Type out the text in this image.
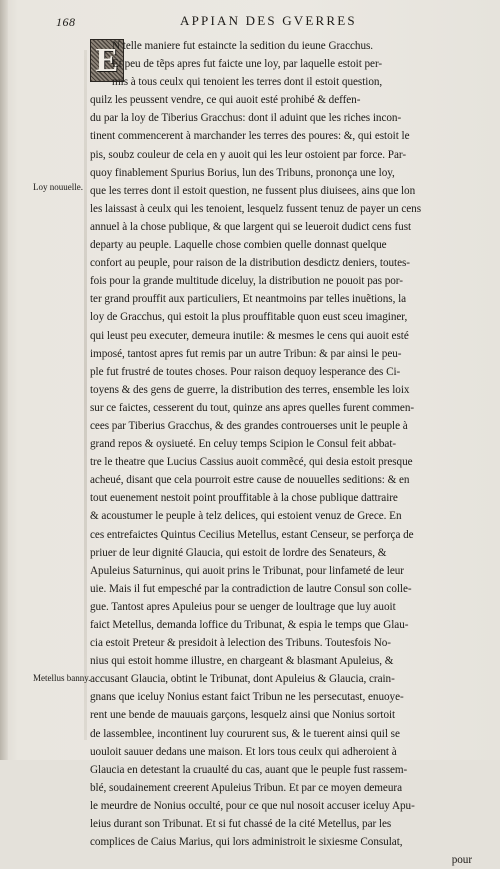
168	APPIAN DES GVERRES
E
Loy nouuelle.
Metellus banny.
N telle maniere fut estaincte la sedition du ieune Gracchus.
Et peu de tẽps apres fut faicte une loy, par laquelle estoit per-
mis à tous ceulx qui tenoient les terres dont il estoit question,
quilz les peussent vendre, ce qui auoit esté prohibé & deffen-
du par la loy de Tiberius Gracchus: dont il aduint que les riches incon-
tinent commencerent à marchander les terres des poures: &, qui estoit le
pis, soubz couleur de cela en y auoit qui les leur ostoient par force. Par-
quoy finablement Spurius Borius, lun des Tribuns, prononça une loy,
que les terres dont il estoit question, ne fussent plus diuisees, ains que lon
les laissast à ceulx qui les tenoient, lesquelz fussent tenuz de payer un cens
annuel à la chose publique, & que largent qui se leueroit dudict cens fust
departy au peuple. Laquelle chose combien quelle donnast quelque
confort au peuple, pour raison de la distribution desdictz deniers, toutes-
fois pour la grande multitude diceluy, la distribution ne pouoit pas por-
ter grand prouffit aux particuliers, Et neantmoins par telles inuẽtions, la
loy de Gracchus, qui estoit la plus prouffitable quon eust sceu imaginer,
qui leust peu executer, demeura inutile: & mesmes le cens qui auoit esté
imposé, tantost apres fut remis par un autre Tribun: & par ainsi le peu-
ple fut frustré de toutes choses. Pour raison dequoy lesperance des Ci-
toyens & des gens de guerre, la distribution des terres, ensemble les loix
sur ce faictes, cesserent du tout, quinze ans apres quelles furent commen-
cees par Tiberius Gracchus, & des grandes controuerses unit le peuple à
grand repos & oysiueté. En celuy temps Scipion le Consul feit abbat-
tre le theatre que Lucius Cassius auoit commẽcé, qui desia estoit presque
acheué, disant que cela pourroit estre cause de nouuelles seditions: & en
tout euenement nestoit point prouffitable à la chose publique dattraire
& acoustumer le peuple à telz delices, qui estoient venuz de Grece. En
ces entrefaictes Quintus Cecilius Metellus, estant Censeur, se perforça de
priuer de leur dignité Glaucia, qui estoit de lordre des Senateurs, &
Apuleius Saturninus, qui auoit prins le Tribunat, pour linfameté de leur
uie. Mais il fut empesché par la contradiction de lautre Consul son colle-
gue. Tantost apres Apuleius pour se uenger de loultrage que luy auoit
faict Metellus, demanda loffice du Tribunat, & espia le temps que Glau-
cia estoit Preteur & presidoit à lelection des Tribuns. Toutesfois No-
nius qui estoit homme illustre, en chargeant & blasmant Apuleius, &
accusant Glaucia, obtint le Tribunat, dont Apuleius & Glaucia, crain-
gnans que iceluy Nonius estant faict Tribun ne les persecutast, enuoye-
rent une bende de mauuais garçons, lesquelz ainsi que Nonius sortoit
de lassemblee, incontinent luy coururent sus, & le tuerent ainsi quil se
uouloit sauuer dedans une maison. Et lors tous ceulx qui adheroient à
Glaucia en detestant la cruaulté du cas, auant que le peuple fust rassem-
blé, soudainement creerent Apuleius Tribun. Et par ce moyen demeura
le meurdre de Nonius occulté, pour ce que nul nosoit accuser iceluy Apu-
leius durant son Tribunat. Et si fut chassé de la cité Metellus, par les
complices de Caius Marius, qui lors administroit le sixiesme Consulat,
pour
